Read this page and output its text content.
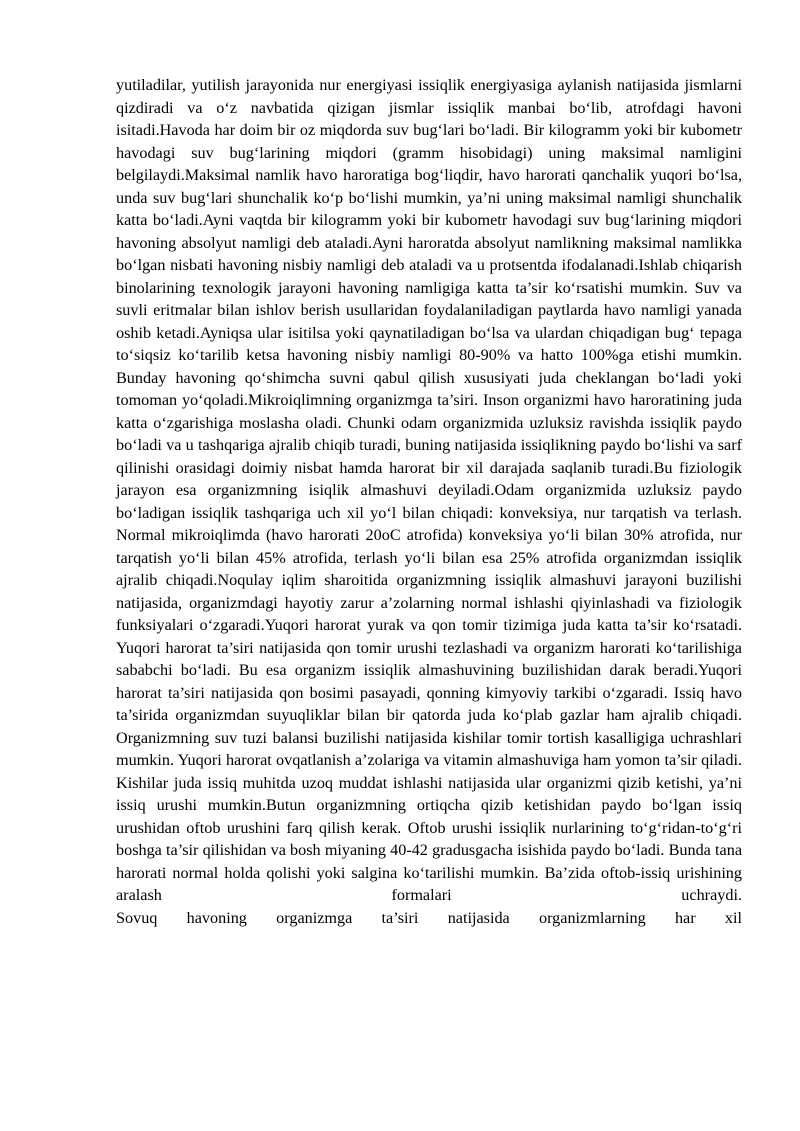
yutiladilar, yutilish jarayonida nur energiyasi issiqlik energiyasiga aylanish natijasida jismlarni qizdiradi va o‘z navbatida qizigan jismlar issiqlik manbai bo‘lib, atrofdagi havoni isitadi.Havoda har doim bir oz miqdorda suv bug‘lari bo‘ladi. Bir kilogramm yoki bir kubometr havodagi suv bug‘larining miqdori (gramm hisobidagi) uning maksimal namligini belgilaydi.Maksimal namlik havo haroratiga bog‘liqdir, havo harorati qanchalik yuqori bo‘lsa, unda suv bug‘lari shunchalik ko‘p bo‘lishi mumkin, ya’ni uning maksimal namligi shunchalik katta bo‘ladi.Ayni vaqtda bir kilogramm yoki bir kubometr havodagi suv bug‘larining miqdori havoning absolyut namligi deb ataladi.Ayni haroratda absolyut namlikning maksimal namlikka bo‘lgan nisbati havoning nisbiy namligi deb ataladi va u protsentda ifodalanadi.Ishlab chiqarish binolarining texnologik jarayoni havoning namligiga katta ta’sir ko‘rsatishi mumkin. Suv va suvli eritmalar bilan ishlov berish usullaridan foydalaniladigan paytlarda havo namligi yanada oshib ketadi.Ayniqsa ular isitilsa yoki qaynatiladigan bo‘lsa va ulardan chiqadigan bug‘ tepaga to‘siqsiz ko‘tarilib ketsa havoning nisbiy namligi 80-90% va hatto 100%ga etishi mumkin. Bunday havoning qo‘shimcha suvni qabul qilish xususiyati juda cheklangan bo‘ladi yoki tomoman yo‘qoladi.Mikroiqlimning organizmga ta’siri. Inson organizmi havo haroratining juda katta o‘zgarishiga moslasha oladi. Chunki odam organizmida uzluksiz ravishda issiqlik paydo bo‘ladi va u tashqariga ajralib chiqib turadi, buning natijasida issiqlikning paydo bo‘lishi va sarf qilinishi orasidagi doimiy nisbat hamda harorat bir xil darajada saqlanib turadi.Bu fiziologik jarayon esa organizmning isiqlik almashuvi deyiladi.Odam organizmida uzluksiz paydo bo‘ladigan issiqlik tashqariga uch xil yo‘l bilan chiqadi: konveksiya, nur tarqatish va terlash. Normal mikroiqlimda (havo harorati 20oC atrofida) konveksiya yo‘li bilan 30% atrofida, nur tarqatish yo‘li bilan 45% atrofida, terlash yo‘li bilan esa 25% atrofida organizmdan issiqlik ajralib chiqadi.Noqulay iqlim sharoitida organizmning issiqlik almashuvi jarayoni buzilishi natijasida, organizmdagi hayotiy zarur a’zolarning normal ishlashi qiyinlashadi va fiziologik funksiyalari o‘zgaradi.Yuqori harorat yurak va qon tomir tizimiga juda katta ta’sir ko‘rsatadi. Yuqori harorat ta’siri natijasida qon tomir urushi tezlashadi va organizm harorati ko‘tarilishiga sababchi bo‘ladi. Bu esa organizm issiqlik almashuvining buzilishidan darak beradi.Yuqori harorat ta’siri natijasida qon bosimi pasayadi, qonning kimyoviy tarkibi o‘zgaradi. Issiq havo ta’sirida organizmdan suyuqliklar bilan bir qatorda juda ko‘plab gazlar ham ajralib chiqadi. Organizmning suv tuzi balansi buzilishi natijasida kishilar tomir tortish kasalligiga uchrashlari mumkin. Yuqori harorat ovqatlanish a’zolariga va vitamin almashuviga ham yomon ta’sir qiladi. Kishilar juda issiq muhitda uzoq muddat ishlashi natijasida ular organizmi qizib ketishi, ya’ni issiq urushi mumkin.Butun organizmning ortiqcha qizib ketishidan paydo bo‘lgan issiq urushidan oftob urushini farq qilish kerak. Oftob urushi issiqlik nurlarining to‘g‘ridan-to‘g‘ri boshga ta’sir qilishidan va bosh miyaning 40-42 gradusgacha isishida paydo bo‘ladi. Bunda tana harorati normal holda qolishi yoki salgina ko‘tarilishi mumkin. Ba’zida oftob-issiq urishining aralash formalari uchraydi.

Sovuq havoning organizmga ta’siri natijasida organizmlarning har xil
